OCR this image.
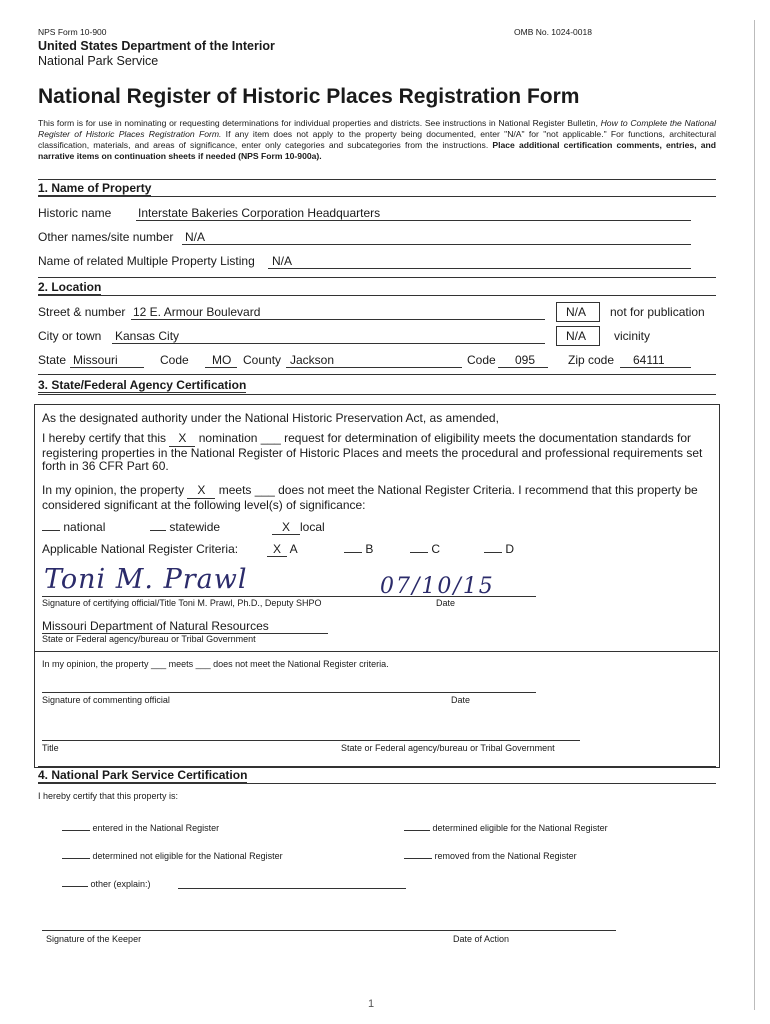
NPS Form 10-900	OMB No. 1024-0018
United States Department of the Interior
National Park Service
National Register of Historic Places Registration Form
This form is for use in nominating or requesting determinations for individual properties and districts. See instructions in National Register Bulletin, How to Complete the National Register of Historic Places Registration Form. If any item does not apply to the property being documented, enter "N/A" for "not applicable." For functions, architectural classification, materials, and areas of significance, enter only categories and subcategories from the instructions. Place additional certification comments, entries, and narrative items on continuation sheets if needed (NPS Form 10-900a).
1. Name of Property
Historic name Interstate Bakeries Corporation Headquarters
Other names/site number N/A
Name of related Multiple Property Listing N/A
2. Location
Street & number 12 E. Armour Boulevard	N/A not for publication
City or town Kansas City	N/A vicinity
State Missouri	Code MO County Jackson	Code 095	Zip code 64111
3. State/Federal Agency Certification
As the designated authority under the National Historic Preservation Act, as amended,
I hereby certify that this X nomination ___ request for determination of eligibility meets the documentation standards for registering properties in the National Register of Historic Places and meets the procedural and professional requirements set forth in 36 CFR Part 60.
In my opinion, the property X meets ___ does not meet the National Register Criteria. I recommend that this property be considered significant at the following level(s) of significance:
national	statewide	X local
Applicable National Register Criteria:	X A	B	C	D
Toni M. Prawl	07/10/15
Signature of certifying official/Title Toni M. Prawl, Ph.D., Deputy SHPO	Date
Missouri Department of Natural Resources
State or Federal agency/bureau or Tribal Government
In my opinion, the property ___ meets ___ does not meet the National Register criteria.
Signature of commenting official	Date
Title	State or Federal agency/bureau or Tribal Government
4. National Park Service Certification
I hereby certify that this property is:
entered in the National Register	determined eligible for the National Register
determined not eligible for the National Register	removed from the National Register
other (explain:)
Signature of the Keeper	Date of Action
1
